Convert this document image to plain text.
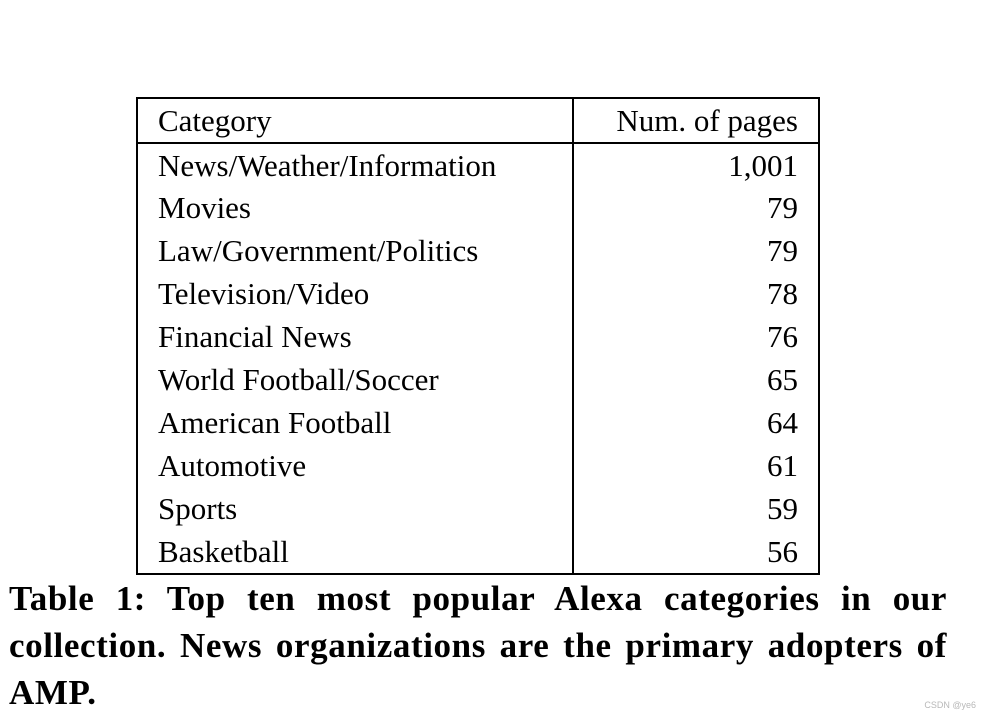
Category	Num. of pages
News/Weather/Information	1,001
Movies	79
Law/Government/Politics	79
Television/Video	78
Financial News	76
World Football/Soccer	65
American Football	64
Automotive	61
Sports	59
Basketball	56
Table 1: Top ten most popular Alexa categories in our collection. News organizations are the primary adopters of AMP.	CSDN @ye6
